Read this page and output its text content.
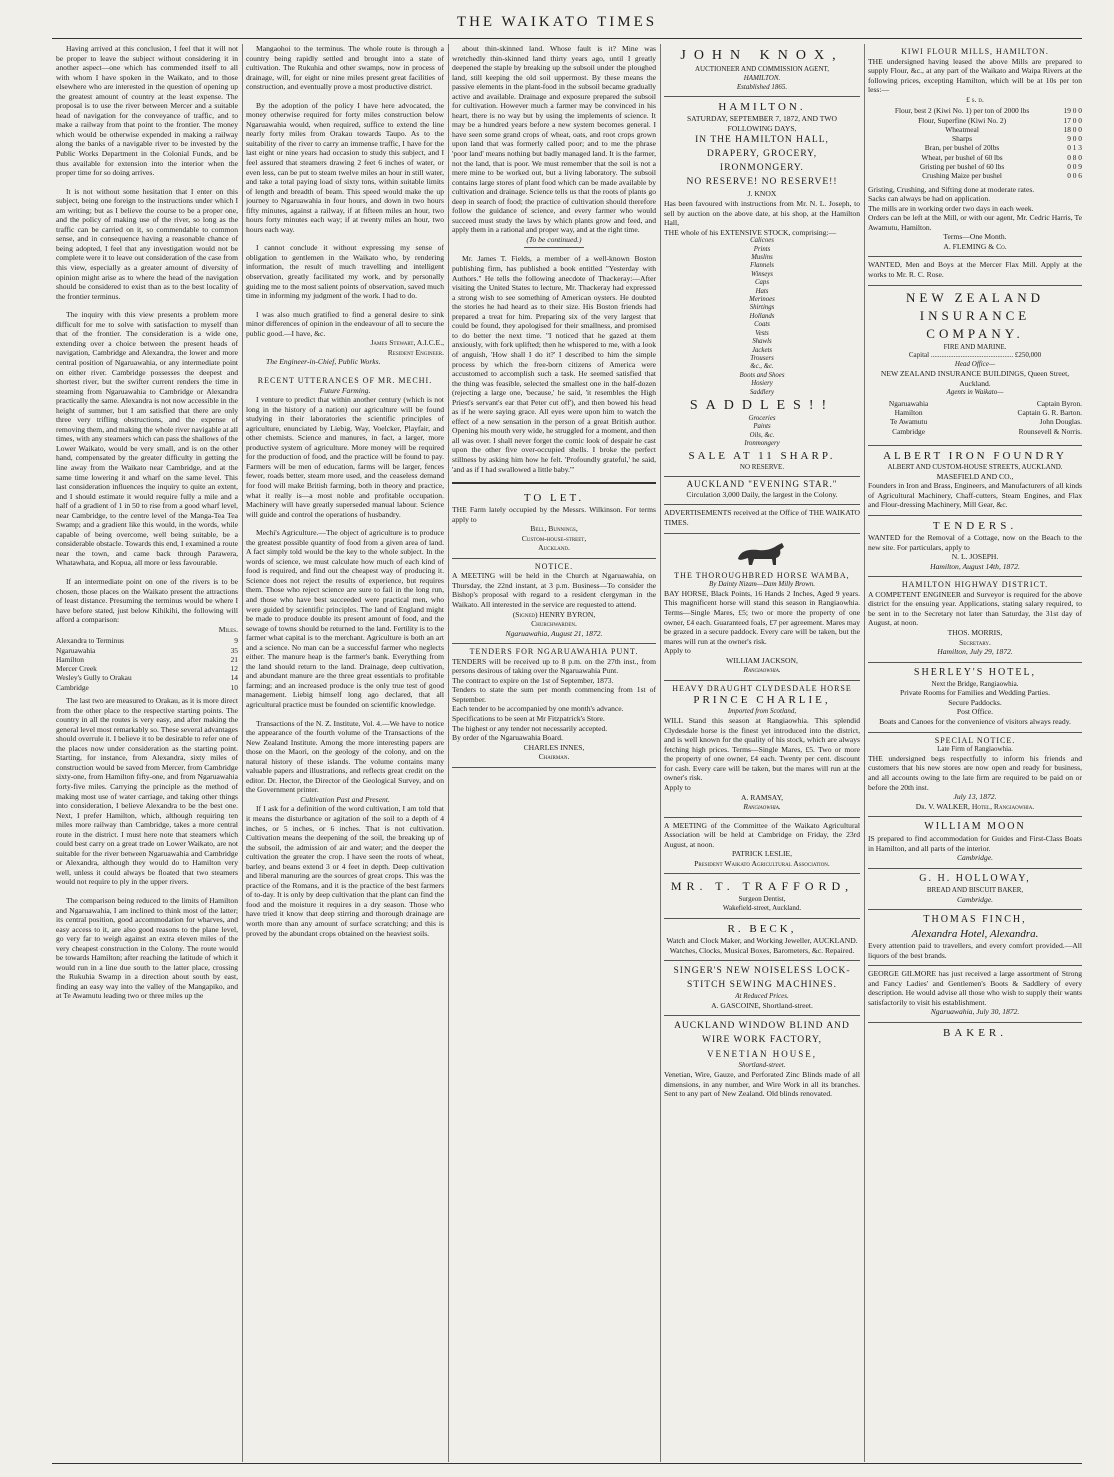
THE WAIKATO TIMES

Having arrived at this conclusion, I feel that it will not be proper to leave the subject without considering it in another aspect—one which has commended itself to all with whom I have spoken in the Waikato, and to those elsewhere who are interested in the question of opening up the greatest amount of country at the least expense. The proposal is to use the river between Mercer and a suitable head of navigation for the conveyance of traffic, and to make a railway from that point to the frontier. The money which would be otherwise expended in making a railway along the banks of a navigable river to be invested by the Public Works Department in the Colonial Funds, and be thus available for extension into the interior when the proper time for so doing arrives.

It is not without some hesitation that I enter on this subject, being one foreign to the instructions under which I am writing; but as I believe the course to be a proper one, and the policy of making use of the river, so long as the traffic can be carried on it, so commendable to common sense, and in consequence having a reasonable chance of being adopted, I feel that any investigation would not be complete were it to leave out consideration of the case from this view, especially as a greater amount of diversity of opinion might arise as to where the head of the navigation should be considered to exist than as to the best locality of the frontier terminus.

The inquiry with this view presents a problem more difficult for me to solve with satisfaction to myself than that of the frontier. The consideration is a wide one, extending over a choice between the present heads of navigation, Cambridge and Alexandra, the lower and more central position of Ngaruawahia, or any intermediate point on either river. Cambridge possesses the deepest and shortest river, but the swifter current renders the time in steaming from Ngaruawahia to Cambridge or Alexandra practically the same. Alexandra is not now accessible in the height of summer, but I am satisfied that there are only three very trifling obstructions, and the expense of removing them, and making the whole river navigable at all times, with any steamers which can pass the shallows of the Lower Waikato, would be very small, and is on the other hand, compensated by the greater difficulty in getting the line away from the Waikato near Cambridge, and at the same time lowering it and wharf on the same level. This last consideration influences the inquiry to quite an extent, and I should estimate it would require fully a mile and a half of a gradient of 1 in 50 to rise from a good wharf level, near Cambridge, to the centre level of the Manga-Tea Tea Swamp; and a gradient like this would, in the words, while capable of being overcome, well being suitable, be a considerable obstacle. Towards this end, I examined a route near the town, and came back through Parawera, Whatawhata, and Kopua, all more or less favourable.

If an intermediate point on one of the rivers is to be chosen, those places on the Waikato present the attractions of least distance. Presuming the terminus would be where I have before stated, just below Kihikihi, the following will afford a comparison:

Miles.
Alexandra to Terminus	9
Ngaruawahia	35
Hamilton	21
Mercer Creek	12
Wesley's Gully to Orakau	14
Cambridge	10

The last two are measured to Orakau, as it is more direct from the other place to the respective starting points. The country in all the routes is very easy, and after making the general level most remarkably so. These several advantages should overrule it. I believe it to be desirable to refer one of the places now under consideration as the starting point. Starting, for instance, from Alexandra, sixty miles of construction would be saved from Mercer, from Cambridge sixty-one, from Hamilton fifty-one, and from Ngaruawahia forty-five miles. Carrying the principle as the method of making most use of water carriage, and taking other things into consideration, I believe Alexandra to be the best one. Next, I prefer Hamilton, which, although requiring ten miles more railway than Cambridge, takes a more central route in the district. I must here note that steamers which could best carry on a great trade on Lower Waikato, are not suitable for the river between Ngaruawahia and Cambridge or Alexandra, although they would do to Hamilton very well, unless it could always be floated that two steamers would not require to ply in the upper rivers.

The comparison being reduced to the limits of Hamilton and Ngaruawahia, I am inclined to think most of the latter; its central position, good accommodation for wharves, and easy access to it, are also good reasons to the plane level, go very far to weigh against an extra eleven miles of the very cheapest construction in the Colony. The route would be towards Hamilton; after reaching the latitude of which it would run in a line due south to the latter place, crossing the Rukuhia Swamp in a direction about south by east, finding an easy way into the valley of the Mangapiko, and at Te Awamutu leading two or three miles up the

Mangaohoi to the terminus. The whole route is through a country being rapidly settled and brought into a state of cultivation. The Rukuhia and other swamps, now in process of drainage, will, for eight or nine miles present great facilities of construction, and eventually prove a most productive district.

By the adoption of the policy I have here advocated, the money otherwise required for forty miles construction below Ngaruawahia would, when required, suffice to extend the line nearly forty miles from Orakau towards Taupo. As to the suitability of the river to carry an immense traffic, I have for the last eight or nine years had occasion to study this subject, and I feel assured that steamers drawing 2 feet 6 inches of water, or even less, can be put to steam twelve miles an hour in still water, and take a total paying load of sixty tons, within suitable limits of length and breadth of beam. This speed would make the up journey to Ngaruawahia in four hours, and down in two hours fifty minutes, against a railway, if at fifteen miles an hour, two hours forty minutes each way; if at twenty miles an hour, two hours each way.

I cannot conclude it without expressing my sense of obligation to gentlemen in the Waikato who, by rendering information, the result of much travelling and intelligent observation, greatly facilitated my work, and by personally guiding me to the most salient points of observation, saved much time in informing my judgment of the work. I had to do.

I was also much gratified to find a general desire to sink minor differences of opinion in the endeavour of all to secure the public good.—I have, &c.

James Stewart, A.I.C.E.,

Resident Engineer.

The Engineer-in-Chief, Public Works.

RECENT UTTERANCES OF MR. MECHI.

Future Farming.

I venture to predict that within another century (which is not long in the history of a nation) our agriculture will be found studying in their laboratories the scientific principles of agriculture, enunciated by Liebig, Way, Voelcker, Playfair, and other chemists. Science and manures, in fact, a larger, more productive system of agriculture. More money will be required for the production of food, and the practice will be found to pay. Farmers will be men of education, farms will be larger, fences fewer, roads better, steam more used, and the ceaseless demand for food will make British farming, both in theory and practice, what it really is—a most noble and profitable occupation. Machinery will have greatly superseded manual labour. Science will guide and control the operations of husbandry.

Mechi's Agriculture.—The object of agriculture is to produce the greatest possible quantity of food from a given area of land. A fact simply told would be the key to the whole subject. In the words of science, we must calculate how much of each kind of food is required, and find out the cheapest way of producing it. Science does not reject the results of experience, but requires them. Those who reject science are sure to fail in the long run, and those who have best succeeded were practical men, who were guided by scientific principles. The land of England might be made to produce double its present amount of food, and the sewage of towns should be returned to the land. Fertility is to the farmer what capital is to the merchant. Agriculture is both an art and a science. No man can be a successful farmer who neglects either. The manure heap is the farmer's bank. Everything from the land should return to the land. Drainage, deep cultivation, and abundant manure are the three great essentials to profitable farming; and an increased produce is the only true test of good management. Liebig himself long ago declared, that all agricultural practice must be founded on scientific knowledge.

Transactions of the N. Z. Institute, Vol. 4.—We have to notice the appearance of the fourth volume of the Transactions of the New Zealand Institute. Among the more interesting papers are those on the Maori, on the geology of the colony, and on the natural history of these islands. The volume contains many valuable papers and illustrations, and reflects great credit on the editor. Dr. Hector, the Director of the Geological Survey, and on the Government printer.

Cultivation Past and Present.

If I ask for a definition of the word cultivation, I am told that it means the disturbance or agitation of the soil to a depth of 4 inches, or 5 inches, or 6 inches. That is not cultivation. Cultivation means the deepening of the soil, the breaking up of the subsoil, the admission of air and water; and the deeper the cultivation the greater the crop. I have seen the roots of wheat, barley, and beans extend 3 or 4 feet in depth. Deep cultivation and liberal manuring are the sources of great crops. This was the practice of the Romans, and it is the practice of the best farmers of to-day. It is only by deep cultivation that the plant can find the food and the moisture it requires in a dry season. Those who have tried it know that deep stirring and thorough drainage are worth more than any amount of surface scratching; and this is proved by the abundant crops obtained on the heaviest soils.

about thin-skinned land. Whose fault is it? Mine was wretchedly thin-skinned land thirty years ago, until I greatly deepened the staple by breaking up the subsoil under the ploughed land, still keeping the old soil uppermost. By these means the passive elements in the plant-food in the subsoil became gradually active and available. Drainage and exposure prepared the subsoil for cultivation. However much a farmer may be convinced in his heart, there is no way but by using the implements of science. It may be a hundred years before a new system becomes general. I have seen some grand crops of wheat, oats, and root crops grown upon land that was formerly called poor; and to me the phrase 'poor land' means nothing but badly managed land. It is the farmer, not the land, that is poor. We must remember that the soil is not a mere mine to be worked out, but a living laboratory. The subsoil contains large stores of plant food which can be made available by cultivation and drainage. Science tells us that the roots of plants go deep in search of food; the practice of cultivation should therefore follow the guidance of science, and every farmer who would succeed must study the laws by which plants grow and feed, and apply them in a rational and proper way, and at the right time.

(To be continued.)

Mr. James T. Fields, a member of a well-known Boston publishing firm, has published a book entitled "Yesterday with Authors." He tells the following anecdote of Thackeray:—After visiting the United States to lecture, Mr. Thackeray had expressed a strong wish to see something of American oysters. He doubted the stories he had heard as to their size. His Boston friends had prepared a treat for him. Preparing six of the very largest that could be found, they apologised for their smallness, and promised to do better the next time. "I noticed that he gazed at them anxiously, with fork uplifted; then he whispered to me, with a look of anguish, 'How shall I do it?' I described to him the simple process by which the free-born citizens of America were accustomed to accomplish such a task. He seemed satisfied that the thing was feasible, selected the smallest one in the half-dozen (rejecting a large one, 'because,' he said, 'it resembles the High Priest's servant's ear that Peter cut off'), and then bowed his head as if he were saying grace. All eyes were upon him to watch the effect of a new sensation in the person of a great British author. Opening his mouth very wide, he struggled for a moment, and then all was over. I shall never forget the comic look of despair he cast upon the other five over-occupied shells. I broke the perfect stillness by asking him how he felt. 'Profoundly grateful,' he said, 'and as if I had swallowed a little baby.'"

TO LET.

THE Farm lately occupied by the Messrs. Wilkinson. For terms apply to

Bell, Bunnings,

Custom-house-street,

Auckland.

NOTICE.

A MEETING will be held in the Church at Ngaruawahia, on Thursday, the 22nd instant, at 3 p.m. Business—To consider the Bishop's proposal with regard to a resident clergyman in the Waikato. All interested in the service are requested to attend.

(Signed) HENRY BYRON,

Churchwarden.

Ngaruawahia, August 21, 1872.

TENDERS FOR NGARUAWAHIA PUNT.

TENDERS will be received up to 8 p.m. on the 27th inst., from persons desirous of taking over the Ngaruawahia Punt.

The contract to expire on the 1st of September, 1873.

Tenders to state the sum per month commencing from 1st of September.

Each tender to be accompanied by one month's advance.

Specifications to be seen at Mr Fitzpatrick's Store.

The highest or any tender not necessarily accepted.

By order of the Ngaruawahia Board.

CHARLES INNES,

Chairman.

JOHN KNOX,

AUCTIONEER AND COMMISSION AGENT,

HAMILTON.

Established 1865.

HAMILTON.

SATURDAY, SEPTEMBER 7, 1872, AND TWO FOLLOWING DAYS,

IN THE HAMILTON HALL,

DRAPERY, GROCERY, IRONMONGERY.

NO RESERVE! NO RESERVE!!

J. KNOX

Has been favoured with instructions from Mr. N. L. Joseph, to sell by auction on the above date, at his shop, at the Hamilton Hall,

THE whole of his EXTENSIVE STOCK, comprising:—

Calicoes
Prints
Muslins
Flannels
Winseys
Caps
Hats
Merinoes
Shirtings
Hollands
Coats
Vests
Shawls
Jackets
Trousers
&c., &c.
Boots and Shoes
Hosiery
Saddlery

SADDLES!!

Groceries
Paints
Oils, &c.
Ironmongery

SALE AT 11 SHARP.

NO RESERVE.

AUCKLAND "EVENING STAR."

Circulation 3,000 Daily, the largest in the Colony.

ADVERTISEMENTS received at the Office of THE WAIKATO TIMES.

THE THOROUGHBRED HORSE WAMBA,

By Dainty Nizam—Dam Milly Brown.

BAY HORSE, Black Points, 16 Hands 2 Inches, Aged 9 years. This magnificent horse will stand this season in Rangiaowhia. Terms—Single Mares, £5; two or more the property of one owner, £4 each. Guaranteed foals, £7 per agreement. Mares may be grazed in a secure paddock. Every care will be taken, but the mares will run at the owner's risk.

Apply to

WILLIAM JACKSON,

Rangiaowhia.

HEAVY DRAUGHT CLYDESDALE HORSE

PRINCE CHARLIE,

Imported from Scotland,

WILL Stand this season at Rangiaowhia. This splendid Clydesdale horse is the finest yet introduced into the district, and is well known for the quality of his stock, which are always fetching high prices. Terms—Single Mares, £5. Two or more the property of one owner, £4 each. Twenty per cent. discount for cash. Every care will be taken, but the mares will run at the owner's risk.

Apply to

A. RAMSAY,

Rangiaowhia.

A MEETING of the Committee of the Waikato Agricultural Association will be held at Cambridge on Friday, the 23rd August, at noon.

PATRICK LESLIE,

President Waikato Agricultural Association.

MR. T. TRAFFORD,

Surgeon Dentist,

Wakefield-street, Auckland.

R. BECK,

Watch and Clock Maker, and Working Jeweller, AUCKLAND. Watches, Clocks, Musical Boxes, Barometers, &c. Repaired.

SINGER'S NEW NOISELESS LOCK-STITCH SEWING MACHINES.

At Reduced Prices.

A. GASCOINE, Shortland-street.

AUCKLAND WINDOW BLIND AND WIRE WORK FACTORY,

VENETIAN HOUSE,

Shortland-street.

Venetian, Wire, Gauze, and Perforated Zinc Blinds made of all dimensions, in any number, and Wire Work in all its branches. Sent to any part of New Zealand. Old blinds renovated.

KIWI FLOUR MILLS, HAMILTON.

THE undersigned having leased the above Mills are prepared to supply Flour, &c., at any part of the Waikato and Waipa Rivers at the following prices, excepting Hamilton, which will be at 10s per ton less:—

£ s. d.

Flour, best 2 (Kiwi No. 1) per ton of 2000 lbs	19 0 0
Flour, Superfine (Kiwi No. 2)	17 0 0
Wheatmeal	18 0 0
Sharps	9 0 0
Bran, per bushel of 20lbs	0 1 3
Wheat, per bushel of 60 lbs	0 8 0
Gristing per bushel of 60 lbs	0 0 9
Crushing Maize per bushel	0 0 6

Gristing, Crushing, and Sifting done at moderate rates.

Sacks can always be had on application.

The mills are in working order two days in each week.

Orders can be left at the Mill, or with our agent, Mr. Cedric Harris, Te Awamutu, Hamilton.

Terms—One Month.

A. FLEMING & Co.

WANTED, Men and Boys at the Mercer Flax Mill. Apply at the works to Mr. R. C. Rose.

NEW ZEALAND INSURANCE COMPANY.

FIRE AND MARINE.

Capital ............................................... £250,000

Head Office—

NEW ZEALAND INSURANCE BUILDINGS, Queen Street, Auckland.

Agents in Waikato—

Ngaruawahia	Captain Byron.
Hamilton	Captain G. R. Barton.
Te Awamutu	John Douglas.
Cambridge	Rounsevell & Norris.

ALBERT IRON FOUNDRY

ALBERT AND CUSTOM-HOUSE STREETS, AUCKLAND.

MASEFIELD AND CO.,

Founders in Iron and Brass, Engineers, and Manufacturers of all kinds of Agricultural Machinery, Chaff-cutters, Steam Engines, and Flax and Flour-dressing Machinery, Mill Gear, &c.

TENDERS.

WANTED for the Removal of a Cottage, now on the Beach to the new site. For particulars, apply to

N. L. JOSEPH.

Hamilton, August 14th, 1872.

HAMILTON HIGHWAY DISTRICT.

A COMPETENT ENGINEER and Surveyor is required for the above district for the ensuing year. Applications, stating salary required, to be sent in to the Secretary not later than Saturday, the 31st day of August, at noon.

THOS. MORRIS,

Secretary.

Hamilton, July 29, 1872.

SHERLEY'S HOTEL,

Next the Bridge, Rangiaowhia.

Private Rooms for Families and Wedding Parties.

Secure Paddocks.

Post Office.

Boats and Canoes for the convenience of visitors always ready.

SPECIAL NOTICE.

Late Firm of Rangiaowhia.

THE undersigned begs respectfully to inform his friends and customers that his new stores are now open and ready for business, and all accounts owing to the late firm are required to be paid on or before the 20th inst.

July 13, 1872.

Dr. V. WALKER, Hotel, Rangiaowhia.

WILLIAM MOON

IS prepared to find accommodation for Guides and First-Class Boats in Hamilton, and all parts of the interior.

Cambridge.

G. H. HOLLOWAY,

BREAD AND BISCUIT BAKER,

Cambridge.

THOMAS FINCH,

Alexandra Hotel, Alexandra.

Every attention paid to travellers, and every comfort provided.—All liquors of the best brands.

GEORGE GILMORE has just received a large assortment of Strong and Fancy Ladies' and Gentlemen's Boots & Saddlery of every description. He would advise all those who wish to supply their wants satisfactorily to visit his establishment.

Ngaruawahia, July 30, 1872.

BAKER.
